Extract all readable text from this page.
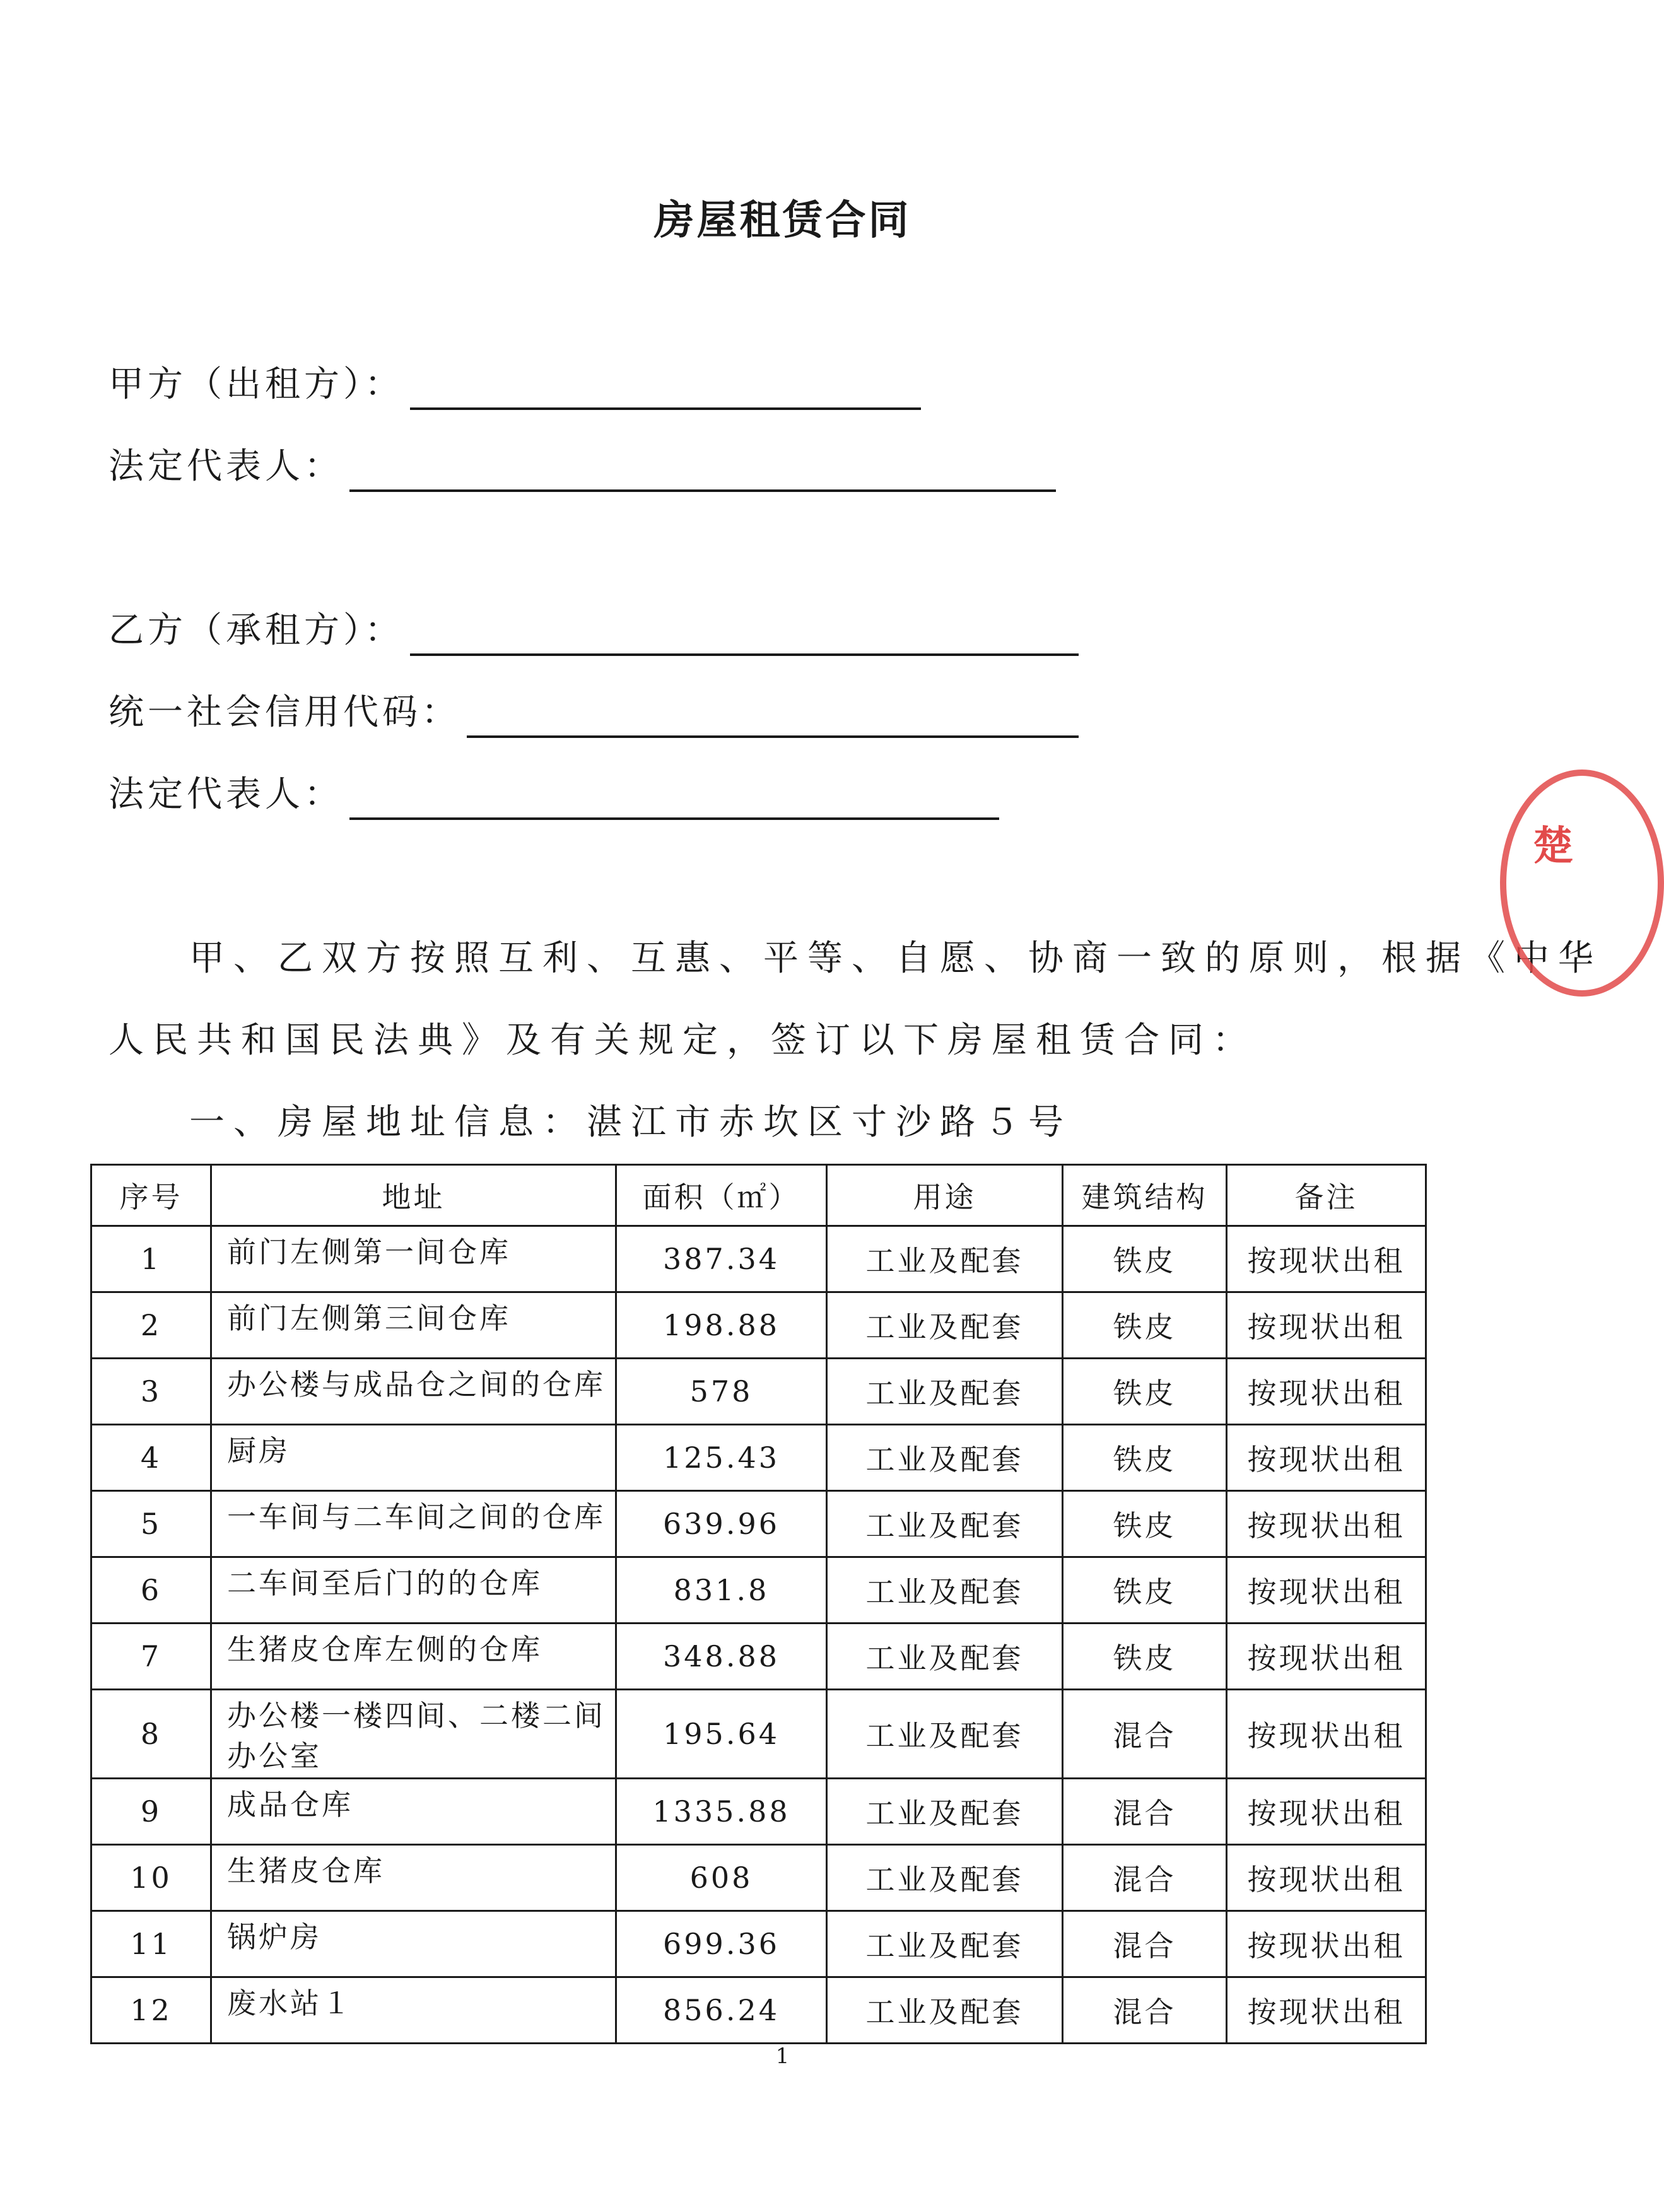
房屋租赁合同
甲方（出租方）：
法定代表人：
乙方（承租方）：
统一社会信用代码：
法定代表人：
甲、乙双方按照互利、互惠、平等、自愿、协商一致的原则，根据《中华
人民共和国民法典》及有关规定，签订以下房屋租赁合同：
一、房屋地址信息：湛江市赤坎区寸沙路５号
序号	地址	面积（㎡）	用途	建筑结构	备注
1	前门左侧第一间仓库	387.34	工业及配套	铁皮	按现状出租
2	前门左侧第三间仓库	198.88	工业及配套	铁皮	按现状出租
3	办公楼与成品仓之间的仓库	578	工业及配套	铁皮	按现状出租
4	厨房	125.43	工业及配套	铁皮	按现状出租
5	一车间与二车间之间的仓库	639.96	工业及配套	铁皮	按现状出租
6	二车间至后门的的仓库	831.8	工业及配套	铁皮	按现状出租
7	生猪皮仓库左侧的仓库	348.88	工业及配套	铁皮	按现状出租
8	办公楼一楼四间、二楼二间办公室	195.64	工业及配套	混合	按现状出租
9	成品仓库	1335.88	工业及配套	混合	按现状出租
10	生猪皮仓库	608	工业及配套	混合	按现状出租
11	锅炉房	699.36	工业及配套	混合	按现状出租
12	废水站１	856.24	工业及配套	混合	按现状出租
1
楚
